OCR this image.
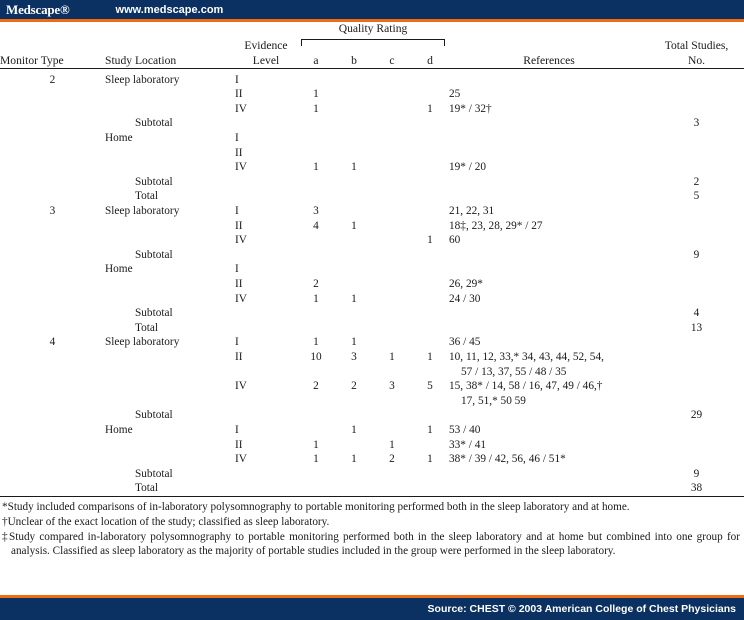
Medscape®	www.medscape.com
			Quality Rating					
		Evidence						Total Studies,
Monitor Type	Study Location	Level	a	b	c	d	References	No.

2	Sleep laboratory	I						
		II	1				25	
		IV	1			1	19* / 32†	
	Subtotal							3
	Home	I						
		II						
		IV	1	1			19* / 20	
	Subtotal							2
	Total							5
3	Sleep laboratory	I	3				21, 22, 31	
		II	4	1			18‡, 23, 28, 29* / 27	
		IV				1	60	
	Subtotal							9
	Home	I						
		II	2				26, 29*	
		IV	1	1			24 / 30	
	Subtotal							4
	Total							13
4	Sleep laboratory	I	1	1			36 / 45	
		II	10	3	1	1	10, 11, 12, 33,* 34, 43, 44, 52, 54,
57 / 13, 37, 55 / 48 / 35	

		IV	2	2	3	5	15, 38* / 14, 58 / 16, 47, 49 / 46,†
17, 51,* 50 59	

	Subtotal							29
	Home	I		1		1	53 / 40	
		II	1		1		33* / 41	
		IV	1	1	2	1	38* / 39 / 42, 56, 46 / 51*	
	Subtotal							9
	Total							38

*Study included comparisons of in-laboratory polysomnography to portable monitoring performed both in the sleep laboratory and at home.

†Unclear of the exact location of the study; classified as sleep laboratory.

‡Study compared in-laboratory polysomnography to portable monitoring performed both in the sleep laboratory and at home but combined into one group for analysis. Classified as sleep laboratory as the majority of portable studies included in the group were performed in the sleep laboratory.

Source: CHEST © 2003 American College of Chest Physicians
